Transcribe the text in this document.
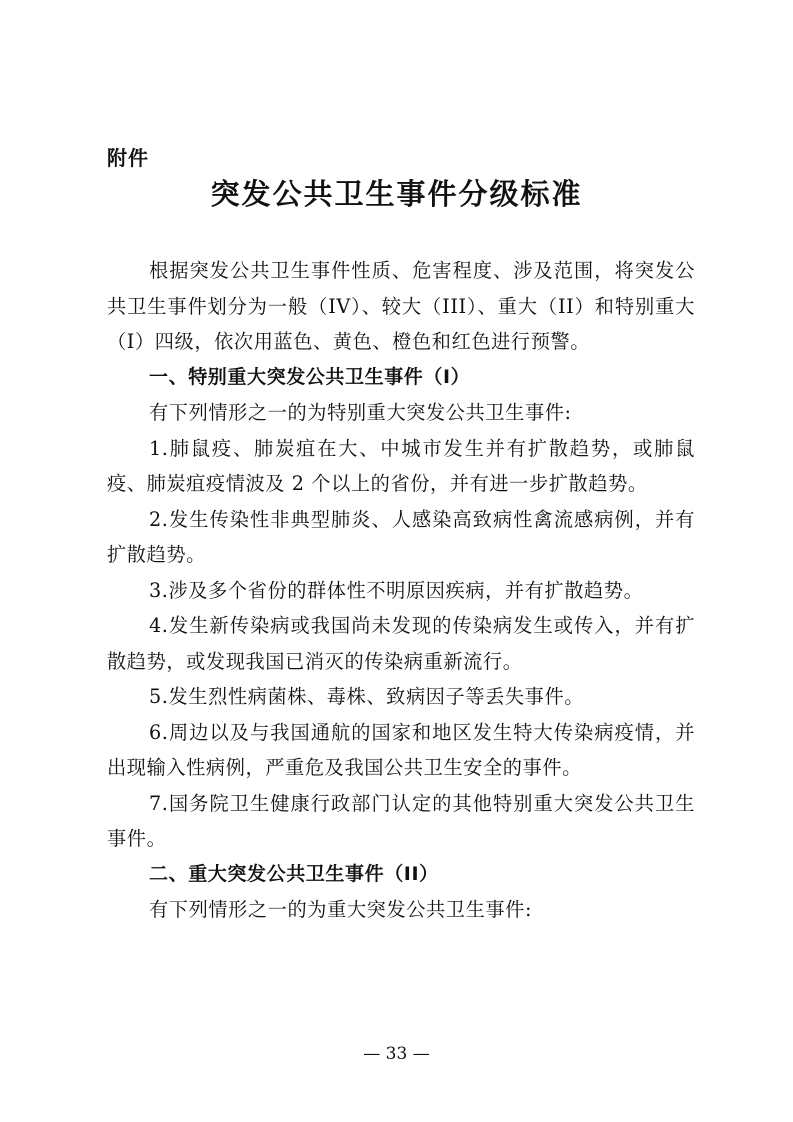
附件
突发公共卫生事件分级标准

根据突发公共卫生事件性质、危害程度、涉及范围，将突发公共卫生事件划分为一般（IV）、较大（III）、重大（II）和特别重大（I）四级，依次用蓝色、黄色、橙色和红色进行预警。

一、特别重大突发公共卫生事件（I）

有下列情形之一的为特别重大突发公共卫生事件:

1.肺鼠疫、肺炭疽在大、中城市发生并有扩散趋势，或肺鼠疫、肺炭疽疫情波及 2 个以上的省份，并有进一步扩散趋势。

2.发生传染性非典型肺炎、人感染高致病性禽流感病例，并有扩散趋势。

3.涉及多个省份的群体性不明原因疾病，并有扩散趋势。

4.发生新传染病或我国尚未发现的传染病发生或传入，并有扩散趋势，或发现我国已消灭的传染病重新流行。

5.发生烈性病菌株、毒株、致病因子等丢失事件。

6.周边以及与我国通航的国家和地区发生特大传染病疫情，并出现输入性病例，严重危及我国公共卫生安全的事件。

7.国务院卫生健康行政部门认定的其他特别重大突发公共卫生事件。

二、重大突发公共卫生事件（II）

有下列情形之一的为重大突发公共卫生事件:

— 33 —
